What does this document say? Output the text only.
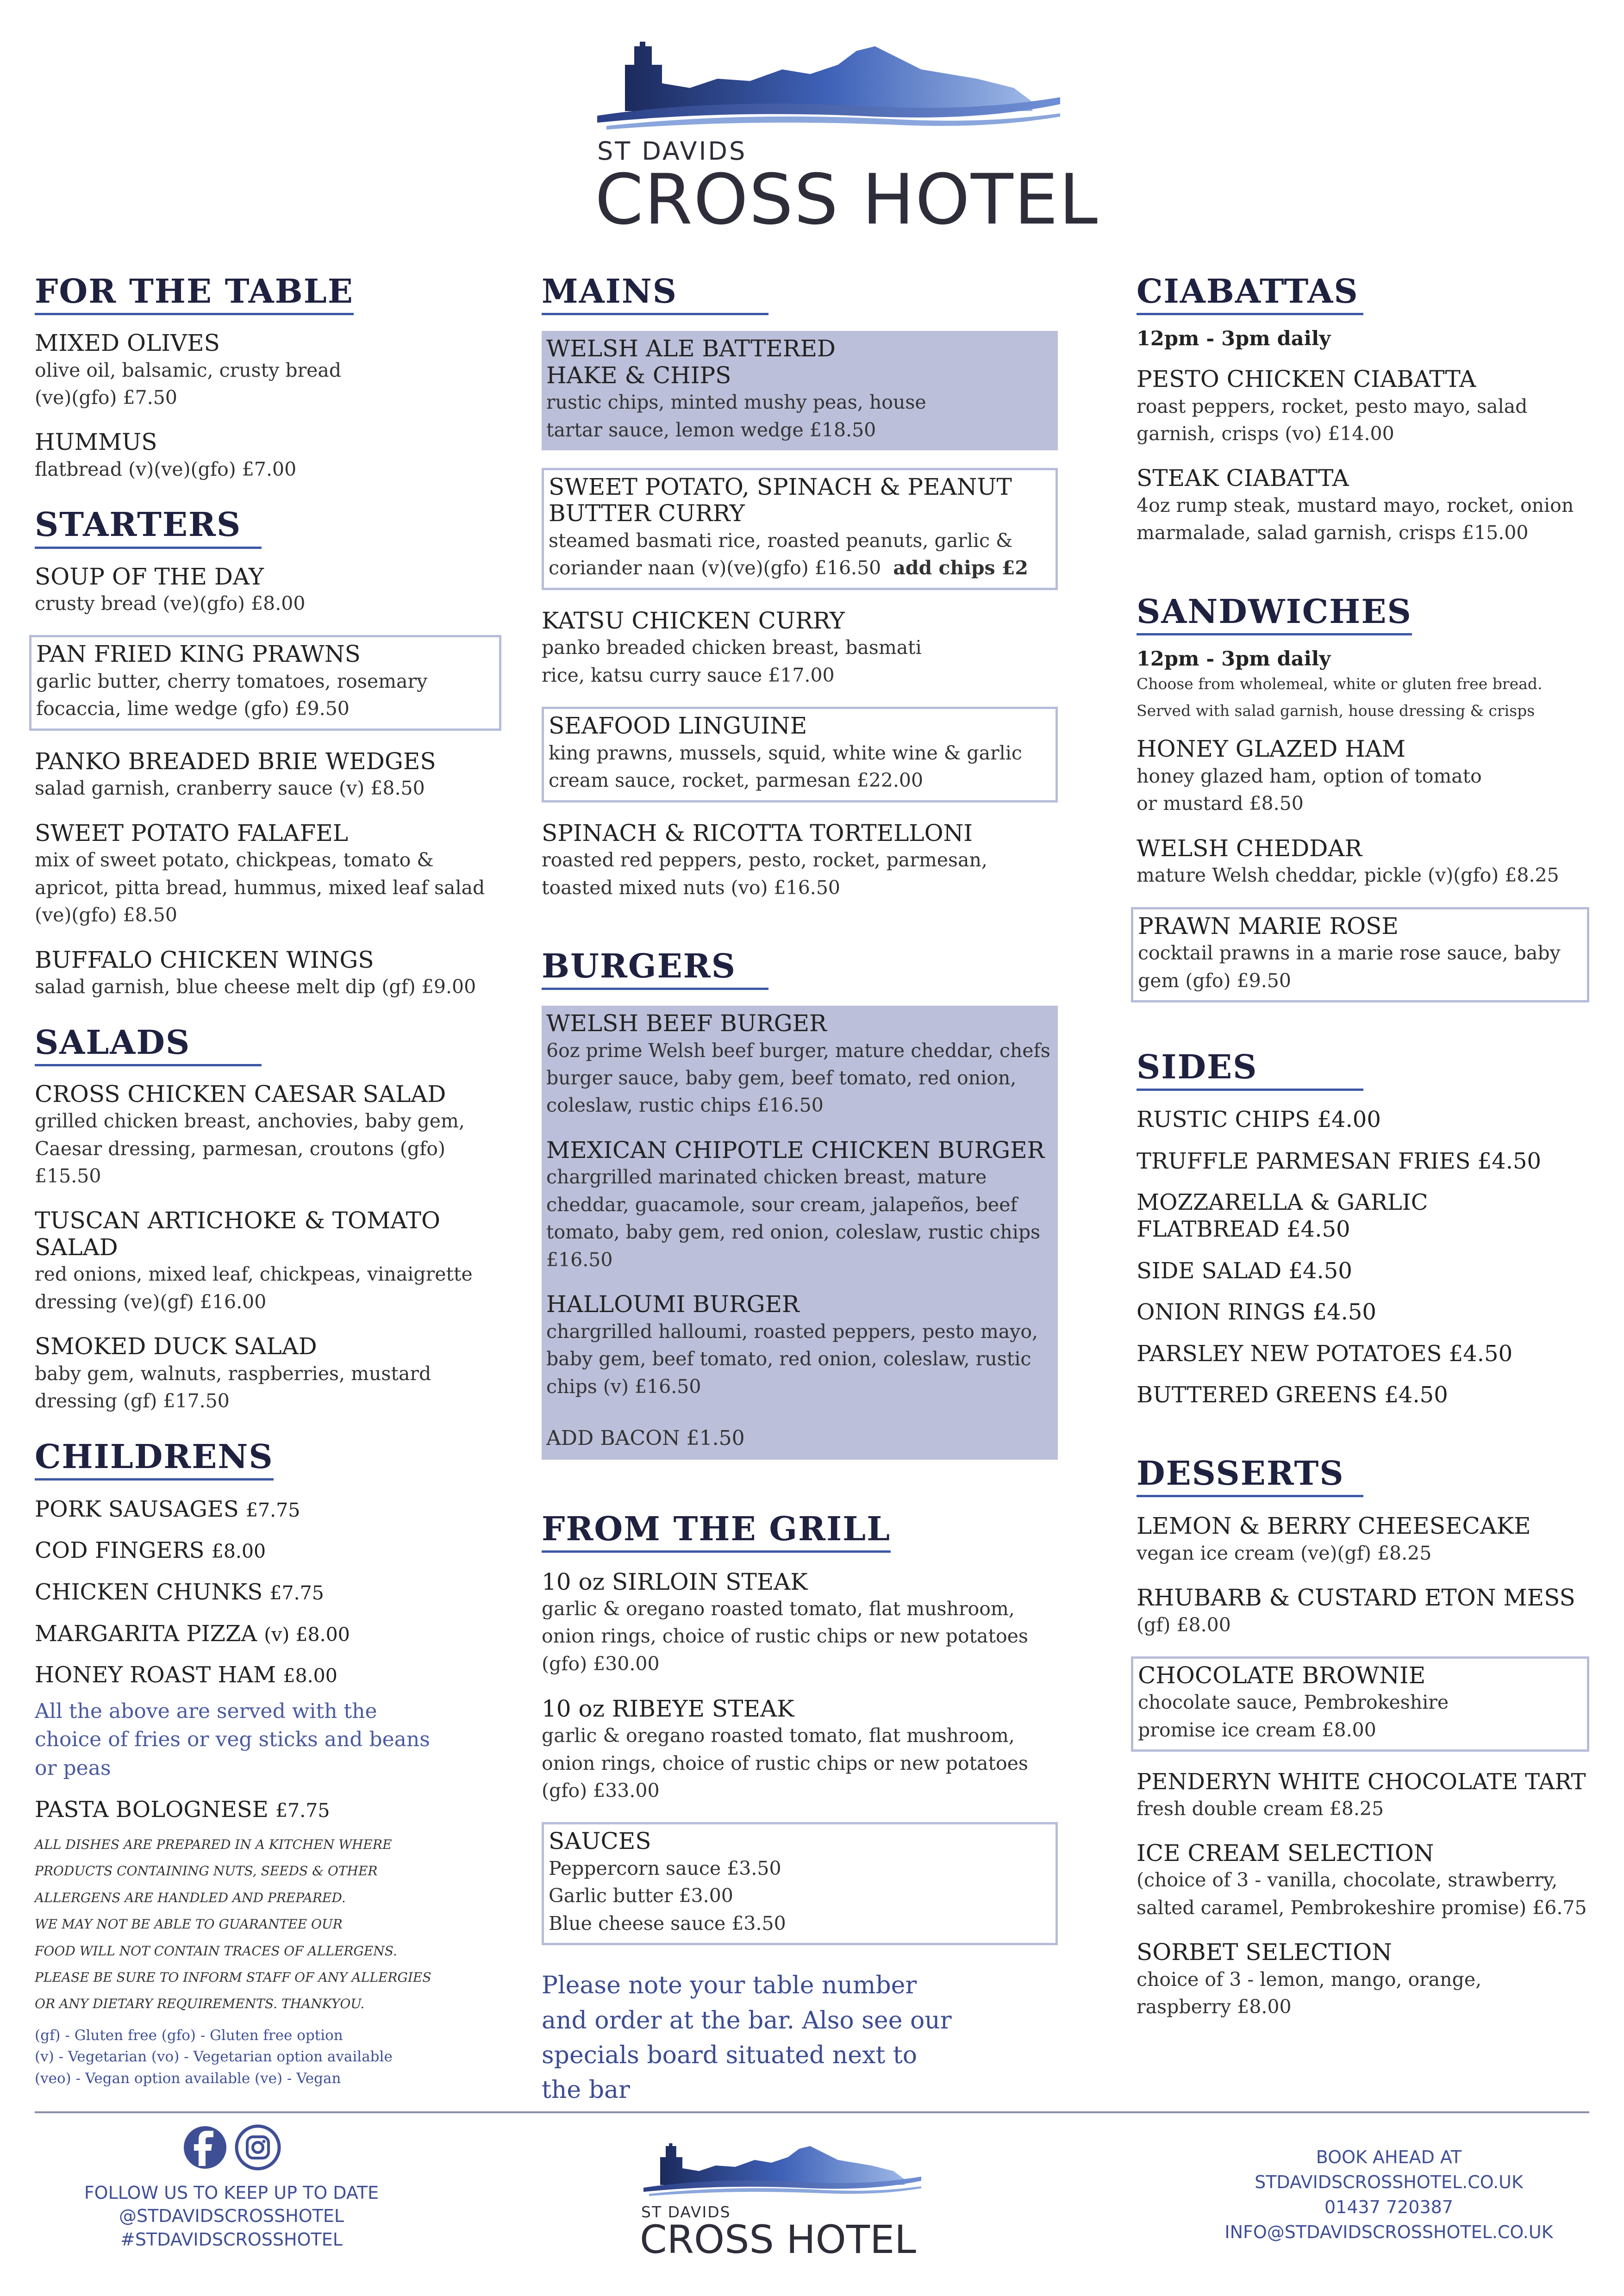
ST DAVIDS
CROSS HOTEL
FOR THE TABLE
MIXED OLIVES
olive oil, balsamic, crusty bread (ve)(gfo) £7.50
HUMMUS
flatbread (v)(ve)(gfo) £7.00
STARTERS
SOUP OF THE DAY
crusty bread (ve)(gfo) £8.00
PAN FRIED KING PRAWNS
garlic butter, cherry tomatoes, rosemary focaccia, lime wedge (gfo) £9.50
PANKO BREADED BRIE WEDGES
salad garnish, cranberry sauce (v) £8.50
SWEET POTATO FALAFEL
mix of sweet potato, chickpeas, tomato & apricot, pitta bread, hummus, mixed leaf salad (ve)(gfo) £8.50
BUFFALO CHICKEN WINGS
salad garnish, blue cheese melt dip (gf) £9.00
SALADS
CROSS CHICKEN CAESAR SALAD
grilled chicken breast, anchovies, baby gem, Caesar dressing, parmesan, croutons (gfo) £15.50
TUSCAN ARTICHOKE & TOMATO SALAD
red onions, mixed leaf, chickpeas, vinaigrette dressing (ve)(gf) £16.00
SMOKED DUCK SALAD
baby gem, walnuts, raspberries, mustard dressing (gf) £17.50
CHILDRENS
PORK SAUSAGES £7.75
COD FINGERS £8.00
CHICKEN CHUNKS £7.75
MARGARITA PIZZA (v) £8.00
HONEY ROAST HAM £8.00
All the above are served with the choice of fries or veg sticks and beans or peas
PASTA BOLOGNESE £7.75
ALL DISHES ARE PREPARED IN A KITCHEN WHERE
PRODUCTS CONTAINING NUTS, SEEDS & OTHER
ALLERGENS ARE HANDLED AND PREPARED.
WE MAY NOT BE ABLE TO GUARANTEE OUR
FOOD WILL NOT CONTAIN TRACES OF ALLERGENS.
PLEASE BE SURE TO INFORM STAFF OF ANY ALLERGIES
OR ANY DIETARY REQUIREMENTS. THANKYOU.
(gf) - Gluten free (gfo) - Gluten free option
(v) - Vegetarian (vo) - Vegetarian option available
(veo) - Vegan option available (ve) - Vegan
MAINS
WELSH ALE BATTERED HAKE & CHIPS
rustic chips, minted mushy peas, house tartar sauce, lemon wedge £18.50
SWEET POTATO, SPINACH & PEANUT BUTTER CURRY
steamed basmati rice, roasted peanuts, garlic & coriander naan (v)(ve)(gfo) £16.50 add chips £2
KATSU CHICKEN CURRY
panko breaded chicken breast, basmati rice, katsu curry sauce £17.00
SEAFOOD LINGUINE
king prawns, mussels, squid, white wine & garlic cream sauce, rocket, parmesan £22.00
SPINACH & RICOTTA TORTELLONI
roasted red peppers, pesto, rocket, parmesan, toasted mixed nuts (vo) £16.50
BURGERS
WELSH BEEF BURGER
6oz prime Welsh beef burger, mature cheddar, chefs burger sauce, baby gem, beef tomato, red onion, coleslaw, rustic chips £16.50
MEXICAN CHIPOTLE CHICKEN BURGER
chargrilled marinated chicken breast, mature cheddar, guacamole, sour cream, jalapeños, beef tomato, baby gem, red onion, coleslaw, rustic chips £16.50
HALLOUMI BURGER
chargrilled halloumi, roasted peppers, pesto mayo, baby gem, beef tomato, red onion, coleslaw, rustic chips (v) £16.50
ADD BACON £1.50
FROM THE GRILL
10 oz SIRLOIN STEAK
garlic & oregano roasted tomato, flat mushroom, onion rings, choice of rustic chips or new potatoes (gfo) £30.00
10 oz RIBEYE STEAK
garlic & oregano roasted tomato, flat mushroom, onion rings, choice of rustic chips or new potatoes (gfo) £33.00
SAUCES
Peppercorn sauce £3.50
Garlic butter £3.00
Blue cheese sauce £3.50
Please note your table number and order at the bar. Also see our specials board situated next to the bar
CIABATTAS
12pm - 3pm daily
PESTO CHICKEN CIABATTA
roast peppers, rocket, pesto mayo, salad garnish, crisps (vo) £14.00
STEAK CIABATTA
4oz rump steak, mustard mayo, rocket, onion marmalade, salad garnish, crisps £15.00
SANDWICHES
12pm - 3pm daily
Choose from wholemeal, white or gluten free bread.
Served with salad garnish, house dressing & crisps
HONEY GLAZED HAM
honey glazed ham, option of tomato or mustard £8.50
WELSH CHEDDAR
mature Welsh cheddar, pickle (v)(gfo) £8.25
PRAWN MARIE ROSE
cocktail prawns in a marie rose sauce, baby gem (gfo) £9.50
SIDES
RUSTIC CHIPS £4.00
TRUFFLE PARMESAN FRIES £4.50
MOZZARELLA & GARLIC FLATBREAD £4.50
SIDE SALAD £4.50
ONION RINGS £4.50
PARSLEY NEW POTATOES £4.50
BUTTERED GREENS £4.50
DESSERTS
LEMON & BERRY CHEESECAKE
vegan ice cream (ve)(gf) £8.25
RHUBARB & CUSTARD ETON MESS
(gf) £8.00
CHOCOLATE BROWNIE
chocolate sauce, Pembrokeshire promise ice cream £8.00
PENDERYN WHITE CHOCOLATE TART
fresh double cream £8.25
ICE CREAM SELECTION
(choice of 3 - vanilla, chocolate, strawberry, salted caramel, Pembrokeshire promise) £6.75
SORBET SELECTION
choice of 3 - lemon, mango, orange, raspberry £8.00
FOLLOW US TO KEEP UP TO DATE
@STDAVIDSCROSSHOTEL
#STDAVIDSCROSSHOTEL
ST DAVIDS
CROSS HOTEL
BOOK AHEAD AT
STDAVIDSCROSSHOTEL.CO.UK
01437 720387
INFO@STDAVIDSCROSSHOTEL.CO.UK
